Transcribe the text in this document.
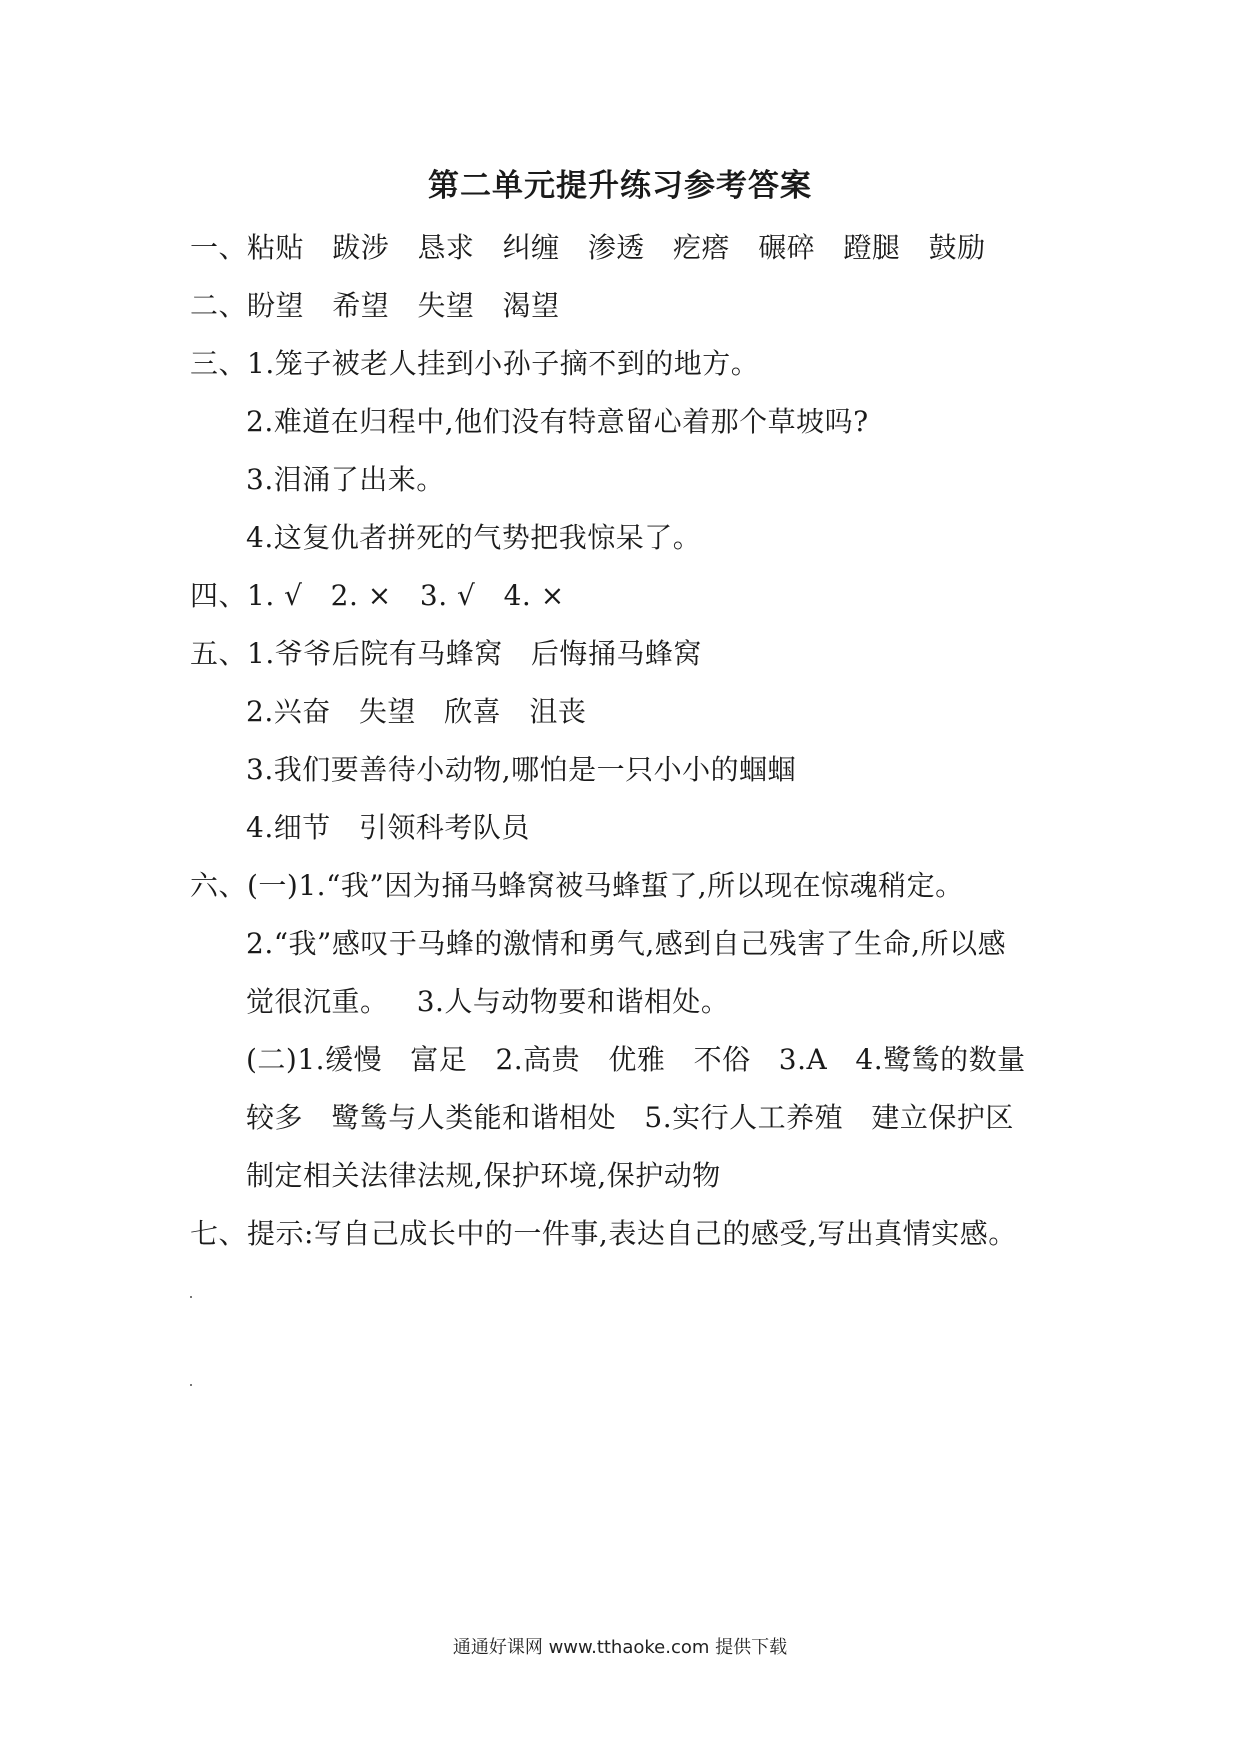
第二单元提升练习参考答案
一、粘贴   跋涉   恳求   纠缠   渗透   疙瘩   碾碎   蹬腿   鼓励
二、盼望   希望   失望   渴望
三、1.笼子被老人挂到小孙子摘不到的地方。
2.难道在归程中,他们没有特意留心着那个草坡吗?
3.泪涌了出来。
4.这复仇者拼死的气势把我惊呆了。
四、1. √   2. ×   3. √   4. ×
五、1.爷爷后院有马蜂窝   后悔捅马蜂窝
2.兴奋   失望   欣喜   沮丧
3.我们要善待小动物,哪怕是一只小小的蝈蝈
4.细节   引领科考队员
六、(一)1.“我”因为捅马蜂窝被马蜂蜇了,所以现在惊魂稍定。
2.“我”感叹于马蜂的激情和勇气,感到自己残害了生命,所以感
觉很沉重。   3.人与动物要和谐相处。
(二)1.缓慢   富足   2.高贵   优雅   不俗   3.A   4.鹭鸶的数量
较多   鹭鸶与人类能和谐相处   5.实行人工养殖   建立保护区
制定相关法律法规,保护环境,保护动物
七、提示:写自己成长中的一件事,表达自己的感受,写出真情实感。
通通好课网 www.tthaoke.com 提供下载
